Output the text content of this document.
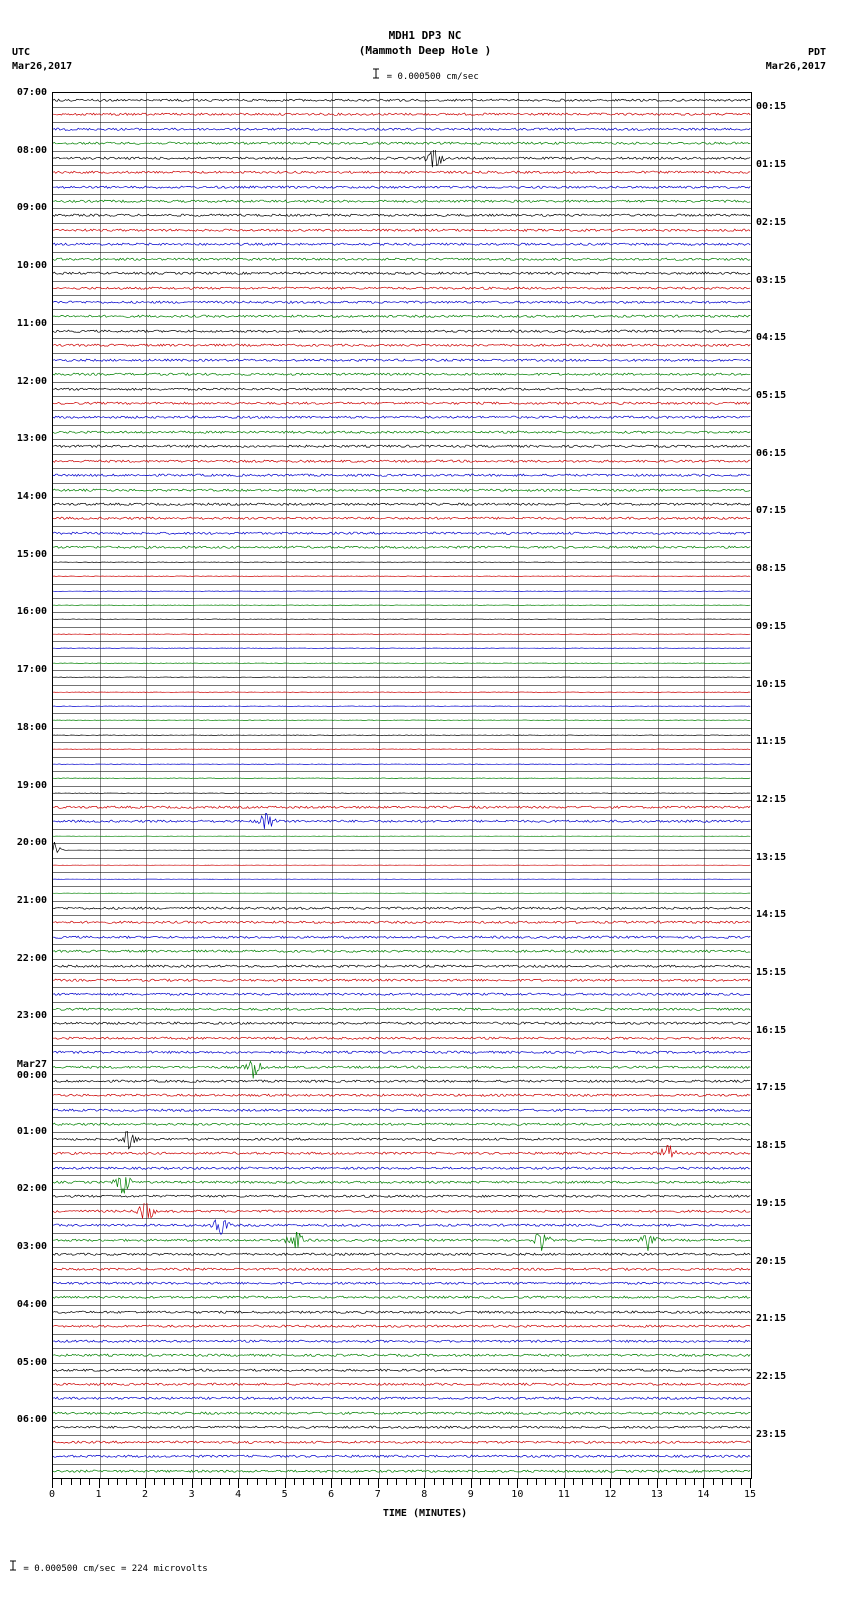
MDH1 DP3 NC
(Mammoth Deep Hole )
= 0.000500 cm/sec
UTC
Mar26,2017
PDT
Mar26,2017
0	1	2	3	4	5	6	7	8	9	10	11	12	13	14	15
TIME (MINUTES)
= 0.000500 cm/sec = 224 microvolts
07:00
00:15
08:00
01:15
09:00
02:15
10:00
03:15
11:00
04:15
12:00
05:15
13:00
06:15
14:00
07:15
15:00
08:15
16:00
09:15
17:00
10:15
18:00
11:15
19:00
12:15
20:00
13:15
21:00
14:15
22:00
15:15
23:00
16:15
Mar27
00:00
17:15
01:00
18:15
02:00
19:15
03:00
20:15
04:00
21:15
05:00
22:15
06:00
23:15
